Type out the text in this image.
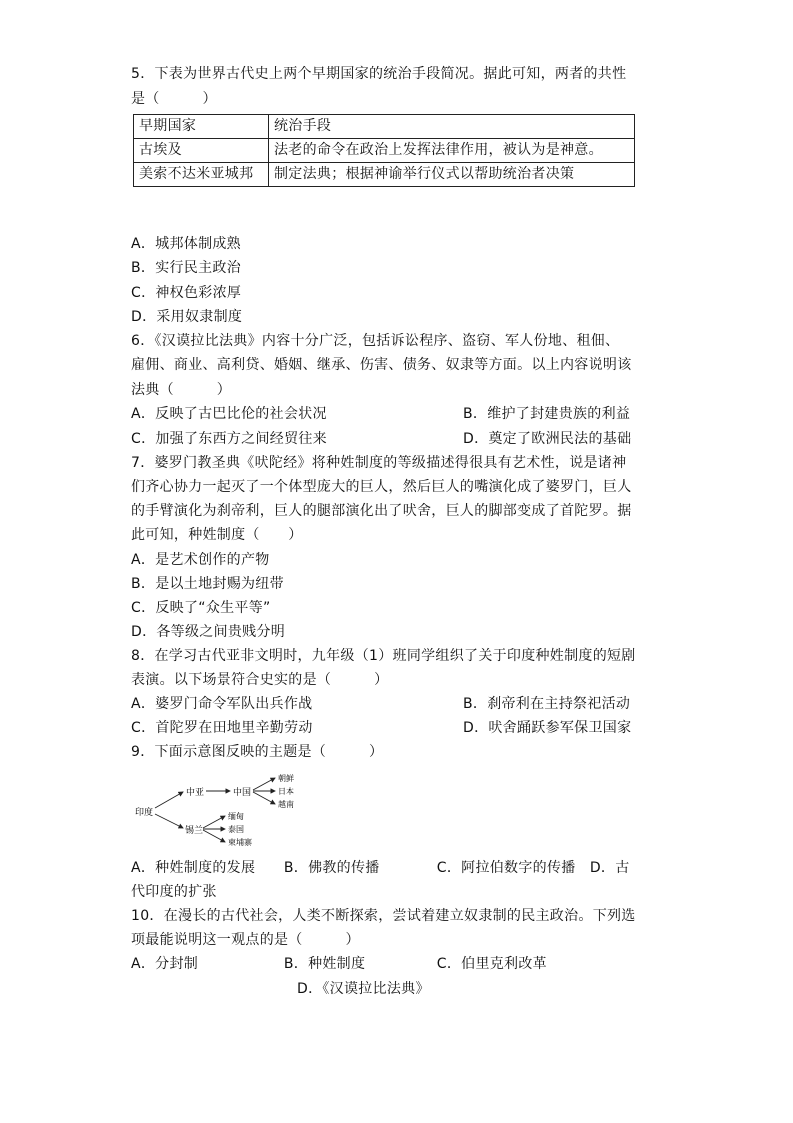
5．下表为世界古代史上两个早期国家的统治手段简况。据此可知，两者的共性
是（　　　）
早期国家	统治手段
古埃及	法老的命令在政治上发挥法律作用，被认为是神意。
美索不达米亚城邦	制定法典；根据神谕举行仪式以帮助统治者决策
A．城邦体制成熟
B．实行民主政治
C．神权色彩浓厚
D．采用奴隶制度
6．《汉谟拉比法典》内容十分广泛，包括诉讼程序、盗窃、军人份地、租佃、
雇佣、商业、高利贷、婚姻、继承、伤害、债务、奴隶等方面。以上内容说明该
法典（　　　）
A．反映了古巴比伦的社会状况	B．维护了封建贵族的利益
C．加强了东西方之间经贸往来	D．奠定了欧洲民法的基础
7．婆罗门教圣典《吠陀经》将种姓制度的等级描述得很具有艺术性，说是诸神
们齐心协力一起灭了一个体型庞大的巨人，然后巨人的嘴演化成了婆罗门，巨人
的手臂演化为刹帝利，巨人的腿部演化出了吠舍，巨人的脚部变成了首陀罗。据
此可知，种姓制度（　　）
A．是艺术创作的产物
B．是以土地封赐为纽带
C．反映了“众生平等”
D．各等级之间贵贱分明
8．在学习古代亚非文明时，九年级（1）班同学组织了关于印度种姓制度的短剧
表演。以下场景符合史实的是（　　　）
A．婆罗门命令军队出兵作战	B．刹帝利在主持祭祀活动
C．首陀罗在田地里辛勤劳动	D．吠舍踊跃参军保卫国家
9．下面示意图反映的主题是（　　　）
印度
中亚	中国
朝鲜
日本
越南
锡兰
缅甸
泰国
柬埔寨
A．种姓制度的发展　　B．佛教的传播　　　　C．阿拉伯数字的传播　D．古
代印度的扩张
10．在漫长的古代社会，人类不断探索，尝试着建立奴隶制的民主政治。下列选
项最能说明这一观点的是（　　　）
A．分封制　　　　　　B．种姓制度　　　　　C．伯里克利改革
D．《汉谟拉比法典》
